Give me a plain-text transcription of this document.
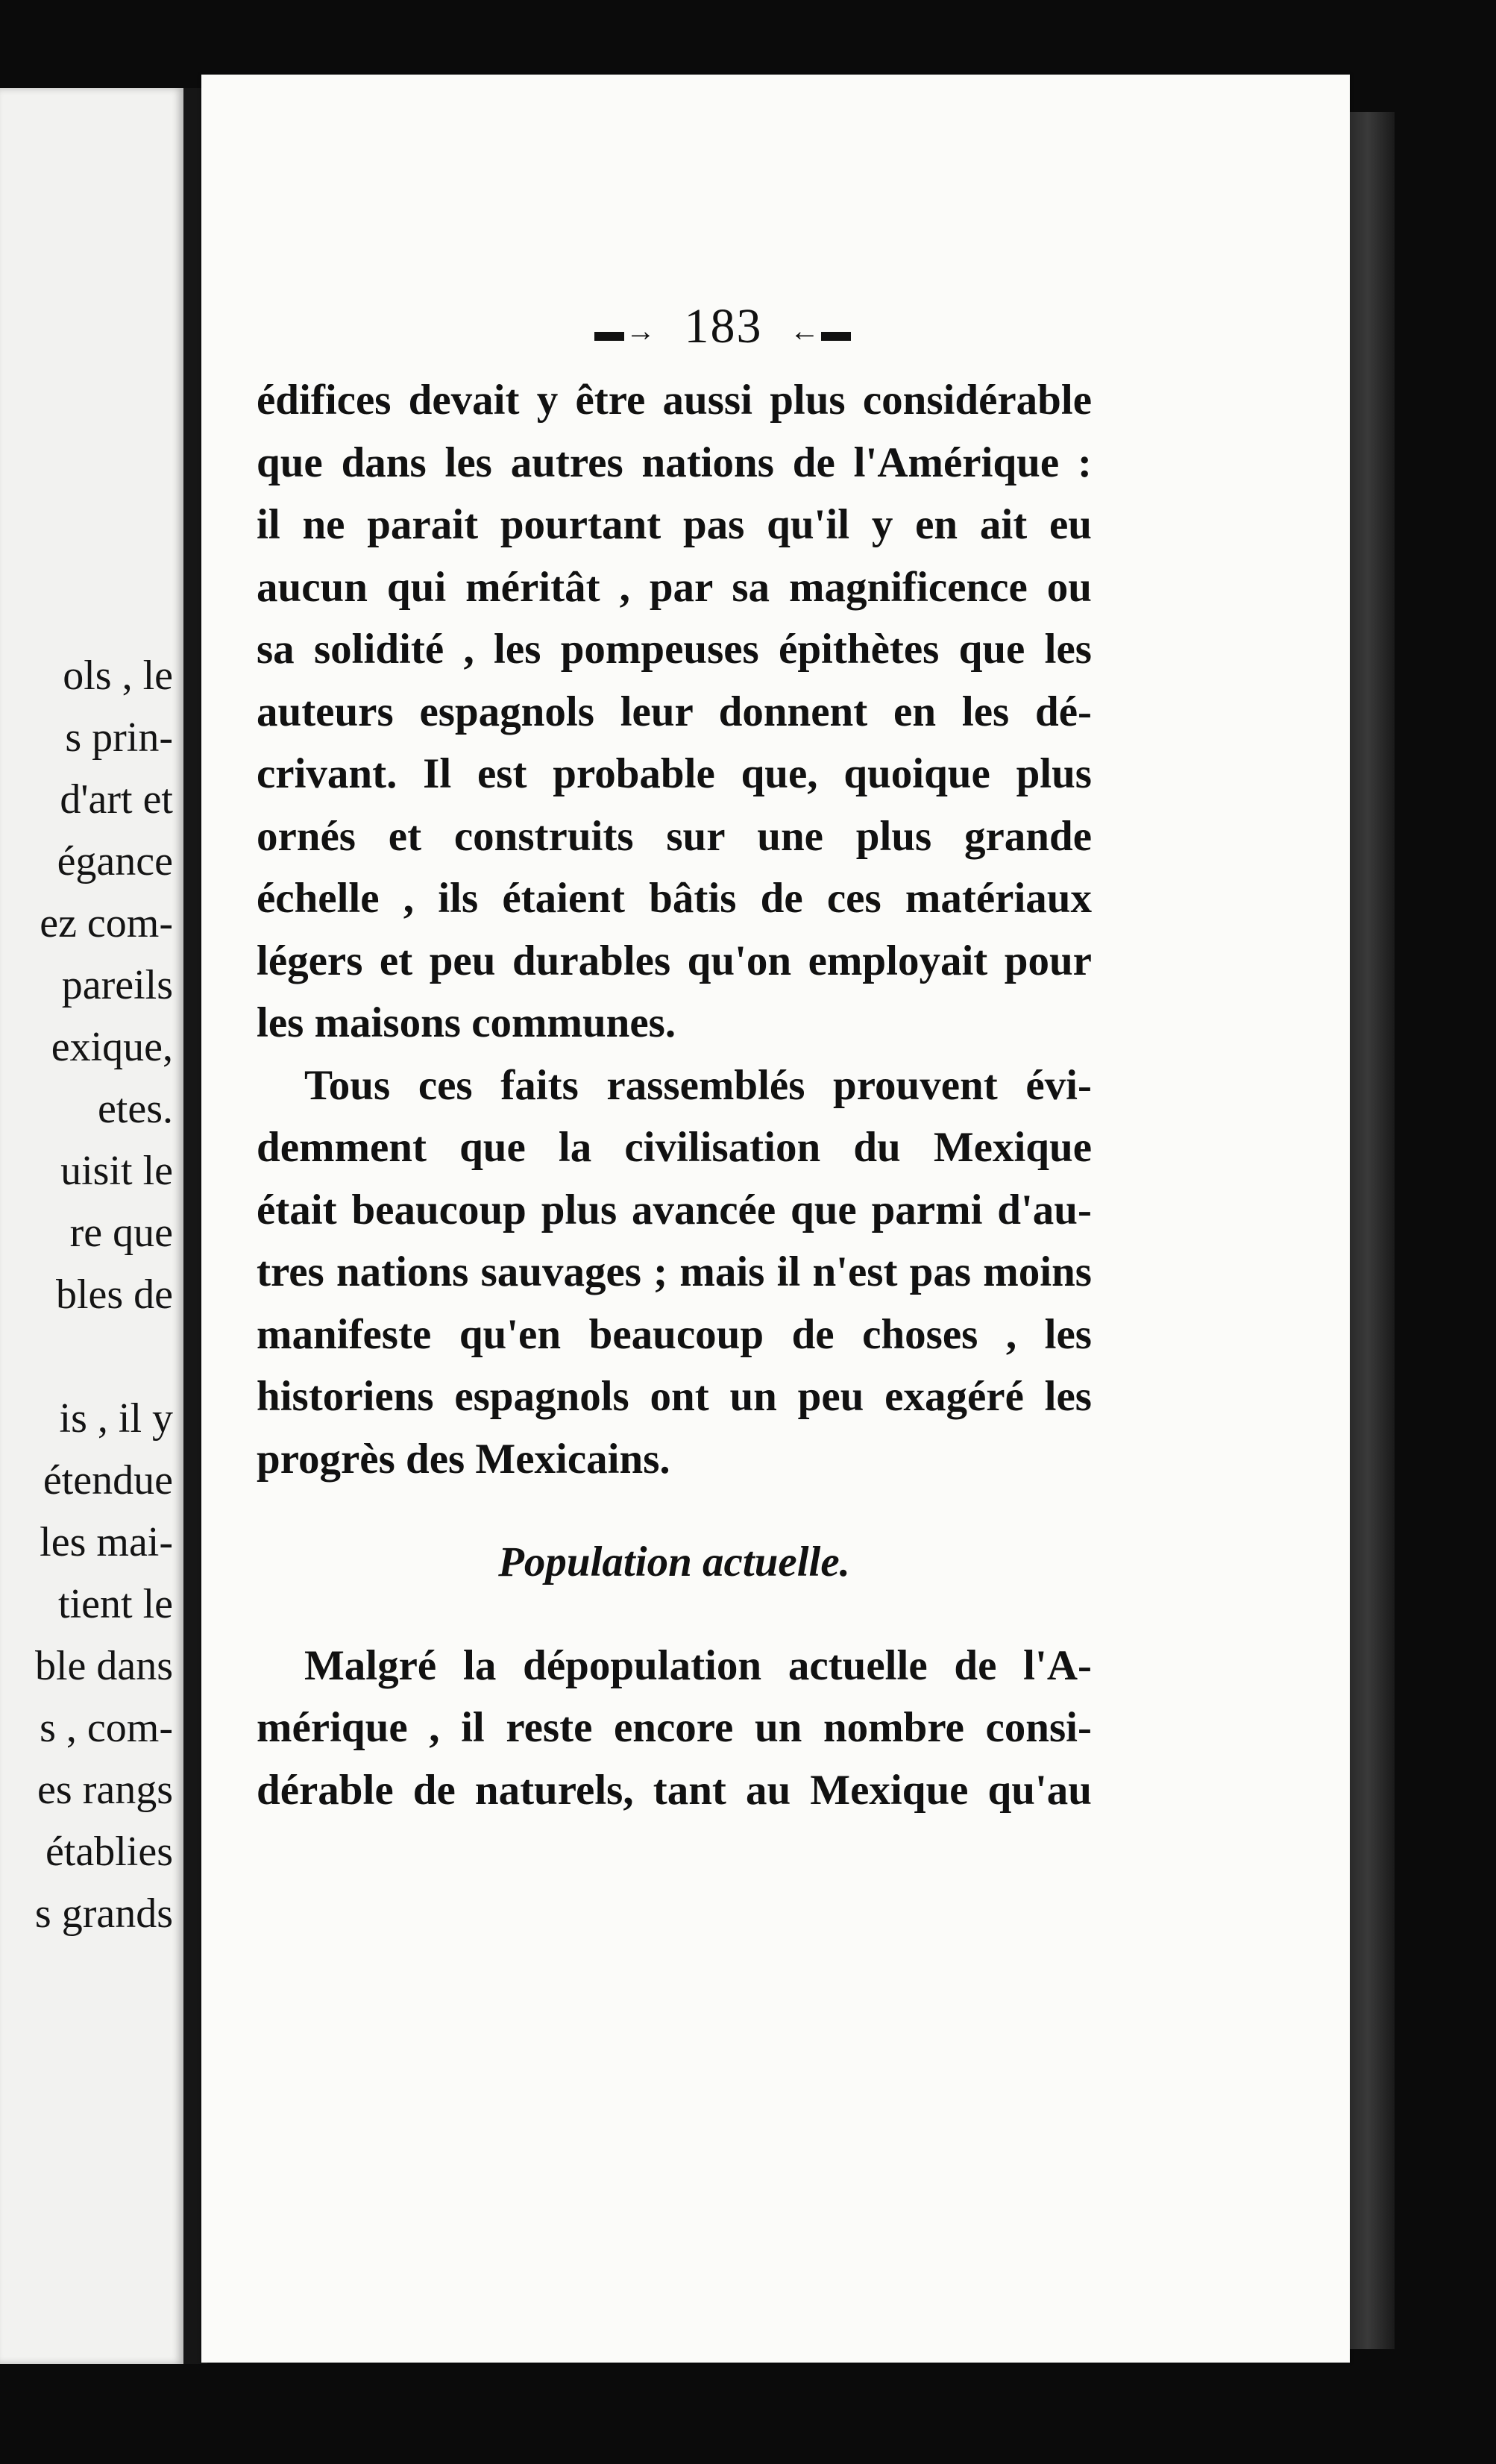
ols , le
s prin-
d'art et
égance
ez com-
pareils
exique,
etes.
uisit le
re que
bles de
is , il y
étendue
les mai-
tient le
ble dans
s , com-
es rangs
établies
s grands
▬→ 183 ←▬
édifices devait y être aussi plus considérable
que dans les autres nations de l'Amérique :
il ne parait pourtant pas qu'il y en ait eu
aucun qui méritât , par sa magnificence ou
sa solidité , les pompeuses épithètes que les
auteurs espagnols leur donnent en les dé-
crivant. Il est probable que, quoique plus
ornés et construits sur une plus grande
échelle , ils étaient bâtis de ces matériaux
légers et peu durables qu'on employait pour
les maisons communes.
Tous ces faits rassemblés prouvent évi-
demment que la civilisation du Mexique
était beaucoup plus avancée que parmi d'au-
tres nations sauvages ; mais il n'est pas moins
manifeste qu'en beaucoup de choses , les
historiens espagnols ont un peu exagéré les
progrès des Mexicains.
Population actuelle.
Malgré la dépopulation actuelle de l'A-
mérique , il reste encore un nombre consi-
dérable de naturels, tant au Mexique qu'au
